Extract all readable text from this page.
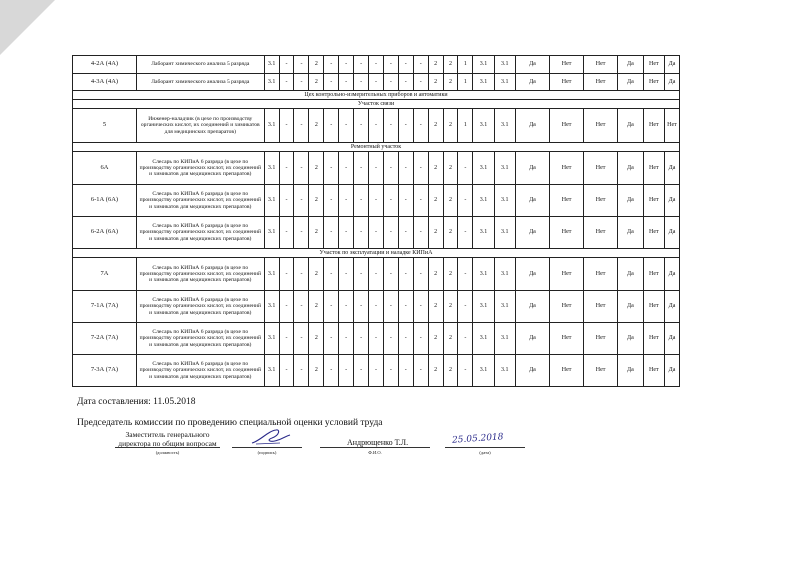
4-2А (4А)	Лаборант химического анализа 5 разряда	3.1	-	-	2	-	-	-	-	-	-	-	2	2	1	3.1	3.1	Да	Нет	Нет	Да	Нет	Да
4-3А (4А)	Лаборант химического анализа 5 разряда	3.1	-	-	2	-	-	-	-	-	-	-	2	2	1	3.1	3.1	Да	Нет	Нет	Да	Нет	Да
Цех контрольно-измерительных приборов и автоматики																							
Участок связи																							
5	Инженер-наладчик (в цехе по производству органических кислот, их соединений и химикатов для медицинских препаратов)	3.1	-	-	2	-	-	-	-	-	-	-	2	2	1	3.1	3.1	Да	Нет	Нет	Да	Нет	Нет
Ремонтный участок																							
6А	Слесарь по КИПиА 6 разряда (в цехе по производству органических кислот, их соединений и химикатов для медицинских препаратов)	3.1	-	-	2	-	-	-	-	-	-	-	2	2	-	3.1	3.1	Да	Нет	Нет	Да	Нет	Да
6-1А (6А)	Слесарь по КИПиА 6 разряда (в цехе по производству органических кислот, их соединений и химикатов для медицинских препаратов)	3.1	-	-	2	-	-	-	-	-	-	-	2	2	-	3.1	3.1	Да	Нет	Нет	Да	Нет	Да
6-2А (6А)	Слесарь по КИПиА 6 разряда (в цехе по производству органических кислот, их соединений и химикатов для медицинских препаратов)	3.1	-	-	2	-	-	-	-	-	-	-	2	2	-	3.1	3.1	Да	Нет	Нет	Да	Нет	Да
Участок по эксплуатации и наладке КИПиА																							
7А	Слесарь по КИПиА 6 разряда (в цехе по производству органических кислот, их соединений и химикатов для медицинских препаратов)	3.1	-	-	2	-	-	-	-	-	-	-	2	2	-	3.1	3.1	Да	Нет	Нет	Да	Нет	Да
7-1А (7А)	Слесарь по КИПиА 6 разряда (в цехе по производству органических кислот, их соединений и химикатов для медицинских препаратов)	3.1	-	-	2	-	-	-	-	-	-	-	2	2	-	3.1	3.1	Да	Нет	Нет	Да	Нет	Да
7-2А (7А)	Слесарь по КИПиА 6 разряда (в цехе по производству органических кислот, их соединений и химикатов для медицинских препаратов)	3.1	-	-	2	-	-	-	-	-	-	-	2	2	-	3.1	3.1	Да	Нет	Нет	Да	Нет	Да
7-3А (7А)	Слесарь по КИПиА 6 разряда (в цехе по производству органических кислот, их соединений и химикатов для медицинских препаратов)	3.1	-	-	2	-	-	-	-	-	-	-	2	2	-	3.1	3.1	Да	Нет	Нет	Да	Нет	Да
Дата составления: 11.05.2018
Председатель комиссии по проведению специальной оценки условий труда
Заместитель генерального директора по общим вопросам
(должность)	(подпись)	Ф.И.О.	(дата)
Андрющенко Т.Л.	25.05.2018
